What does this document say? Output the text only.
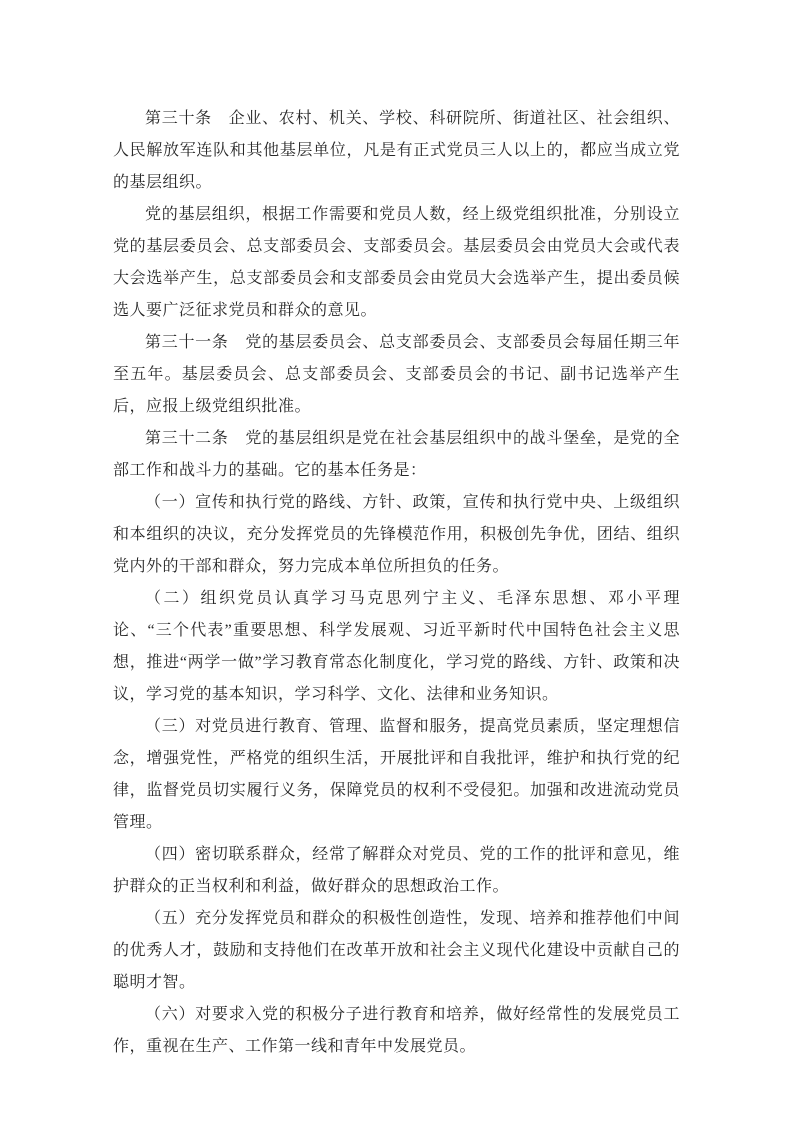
第三十条　企业、农村、机关、学校、科研院所、街道社区、社会组织、人民解放军连队和其他基层单位，凡是有正式党员三人以上的，都应当成立党的基层组织。

党的基层组织，根据工作需要和党员人数，经上级党组织批准，分别设立党的基层委员会、总支部委员会、支部委员会。基层委员会由党员大会或代表大会选举产生，总支部委员会和支部委员会由党员大会选举产生，提出委员候选人要广泛征求党员和群众的意见。

第三十一条　党的基层委员会、总支部委员会、支部委员会每届任期三年至五年。基层委员会、总支部委员会、支部委员会的书记、副书记选举产生后，应报上级党组织批准。

第三十二条　党的基层组织是党在社会基层组织中的战斗堡垒，是党的全部工作和战斗力的基础。它的基本任务是：

（一）宣传和执行党的路线、方针、政策，宣传和执行党中央、上级组织和本组织的决议，充分发挥党员的先锋模范作用，积极创先争优，团结、组织党内外的干部和群众，努力完成本单位所担负的任务。

（二）组织党员认真学习马克思列宁主义、毛泽东思想、邓小平理论、“三个代表”重要思想、科学发展观、习近平新时代中国特色社会主义思想，推进“两学一做”学习教育常态化制度化，学习党的路线、方针、政策和决议，学习党的基本知识，学习科学、文化、法律和业务知识。

（三）对党员进行教育、管理、监督和服务，提高党员素质，坚定理想信念，增强党性，严格党的组织生活，开展批评和自我批评，维护和执行党的纪律，监督党员切实履行义务，保障党员的权利不受侵犯。加强和改进流动党员管理。

（四）密切联系群众，经常了解群众对党员、党的工作的批评和意见，维护群众的正当权利和利益，做好群众的思想政治工作。

（五）充分发挥党员和群众的积极性创造性，发现、培养和推荐他们中间的优秀人才，鼓励和支持他们在改革开放和社会主义现代化建设中贡献自己的聪明才智。

（六）对要求入党的积极分子进行教育和培养，做好经常性的发展党员工作，重视在生产、工作第一线和青年中发展党员。
